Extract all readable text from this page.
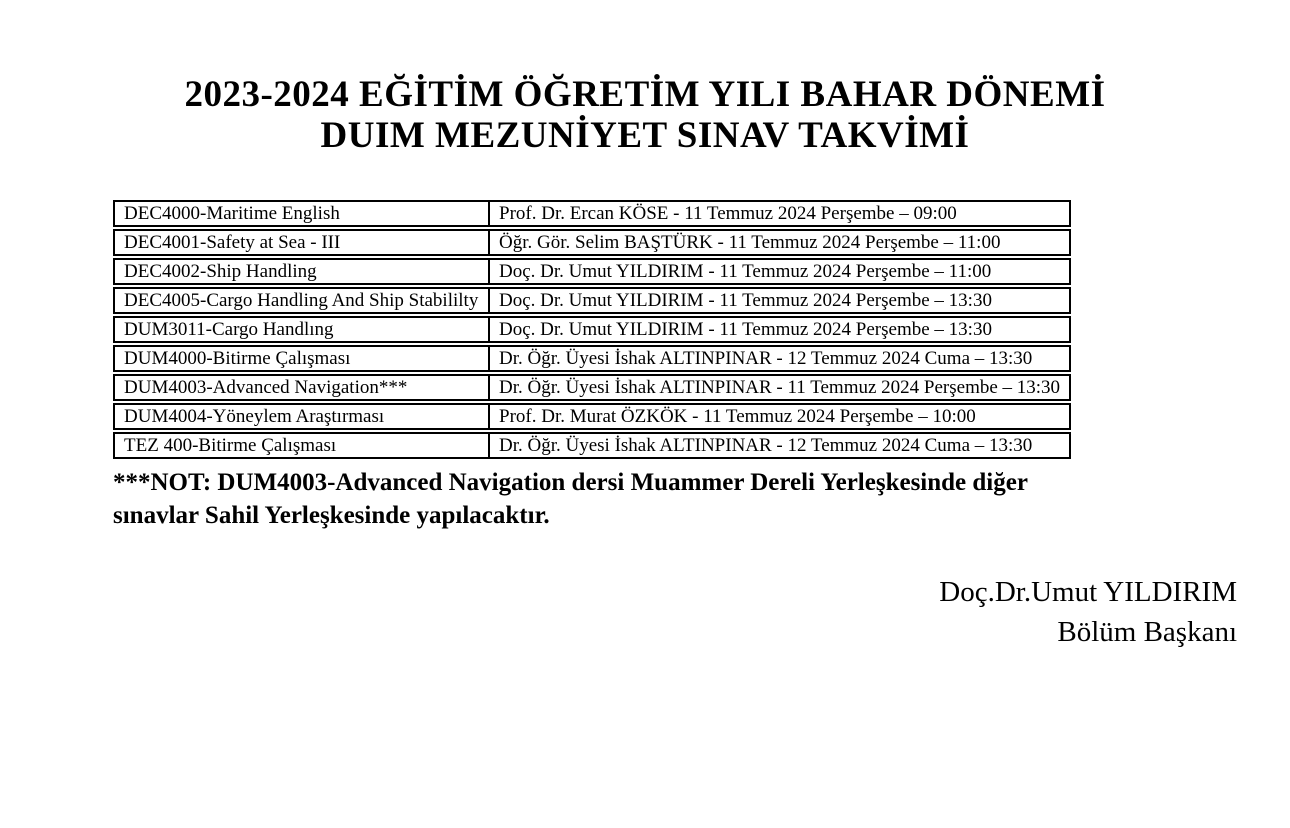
2023-2024 EĞİTİM ÖĞRETİM YILI BAHAR DÖNEMİ
DUIM MEZUNİYET SINAV TAKVİMİ
DEC4000-Maritime English	Prof. Dr. Ercan KÖSE - 11 Temmuz 2024 Perşembe – 09:00
DEC4001-Safety at Sea - III	Öğr. Gör. Selim BAŞTÜRK - 11 Temmuz 2024 Perşembe – 11:00
DEC4002-Ship Handling	Doç. Dr. Umut YILDIRIM - 11 Temmuz 2024 Perşembe – 11:00
DEC4005-Cargo Handling And Ship Stabililty	Doç. Dr. Umut YILDIRIM - 11 Temmuz 2024 Perşembe – 13:30
DUM3011-Cargo Handlıng	Doç. Dr. Umut YILDIRIM - 11 Temmuz 2024 Perşembe – 13:30
DUM4000-Bitirme Çalışması	Dr. Öğr. Üyesi İshak ALTINPINAR - 12 Temmuz 2024 Cuma – 13:30
DUM4003-Advanced Navigation***	Dr. Öğr. Üyesi İshak ALTINPINAR - 11 Temmuz 2024 Perşembe – 13:30
DUM4004-Yöneylem Araştırması	Prof. Dr. Murat ÖZKÖK - 11 Temmuz 2024 Perşembe – 10:00
TEZ 400-Bitirme Çalışması	Dr. Öğr. Üyesi İshak ALTINPINAR - 12 Temmuz 2024 Cuma – 13:30
***NOT: DUM4003-Advanced Navigation dersi Muammer Dereli Yerleşkesinde diğer
sınavlar Sahil Yerleşkesinde yapılacaktır.
Doç.Dr.Umut YILDIRIM
Bölüm Başkanı
